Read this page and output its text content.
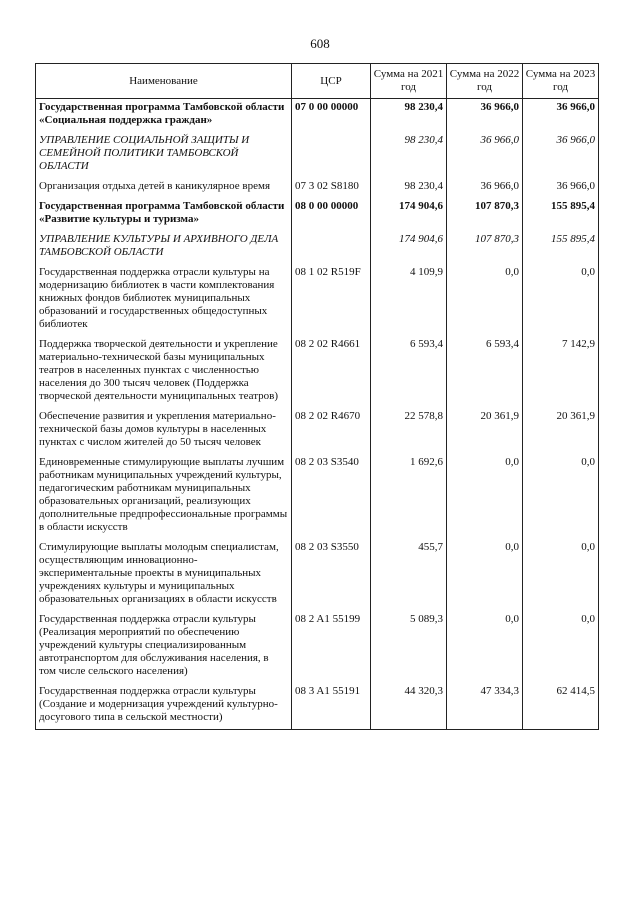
608
Наименование	ЦСР	Сумма на 2021 год	Сумма на 2022 год	Сумма на 2023 год
Государственная программа Тамбовской области «Социальная поддержка граждан»	07 0 00 00000	98 230,4	36 966,0	36 966,0
УПРАВЛЕНИЕ СОЦИАЛЬНОЙ ЗАЩИТЫ И СЕМЕЙНОЙ ПОЛИТИКИ ТАМБОВСКОЙ ОБЛАСТИ		98 230,4	36 966,0	36 966,0
Организация отдыха детей в каникулярное время	07 3 02 S8180	98 230,4	36 966,0	36 966,0
Государственная программа Тамбовской области «Развитие культуры и туризма»	08 0 00 00000	174 904,6	107 870,3	155 895,4
УПРАВЛЕНИЕ КУЛЬТУРЫ И АРХИВНОГО ДЕЛА ТАМБОВСКОЙ ОБЛАСТИ		174 904,6	107 870,3	155 895,4
Государственная поддержка отрасли культуры на модернизацию библиотек в части комплектования книжных фондов библиотек муниципальных образований и государственных общедоступных библиотек	08 1 02 R519F	4 109,9	0,0	0,0
Поддержка творческой деятельности и укрепление материально-технической базы муниципальных театров в населенных пунктах с численностью населения до 300 тысяч человек (Поддержка творческой деятельности муниципальных театров)	08 2 02 R4661	6 593,4	6 593,4	7 142,9
Обеспечение развития и укрепления материально-технической базы домов культуры в населенных пунктах с числом жителей до 50 тысяч человек	08 2 02 R4670	22 578,8	20 361,9	20 361,9
Единовременные стимулирующие выплаты лучшим работникам муниципальных учреждений культуры, педагогическим работникам муниципальных образовательных организаций, реализующих дополнительные предпрофессиональные программы в области искусств	08 2 03 S3540	1 692,6	0,0	0,0
Стимулирующие выплаты молодым специалистам, осуществляющим инновационно-экспериментальные проекты в муниципальных учреждениях культуры и муниципальных образовательных организациях в области искусств	08 2 03 S3550	455,7	0,0	0,0
Государственная поддержка отрасли культуры (Реализация мероприятий по обеспечению учреждений культуры специализированным автотранспортом для обслуживания населения, в том числе сельского населения)	08 2 A1 55199	5 089,3	0,0	0,0
Государственная поддержка отрасли культуры (Создание и модернизация учреждений культурно-досугового типа в сельской местности)	08 3 A1 55191	44 320,3	47 334,3	62 414,5
